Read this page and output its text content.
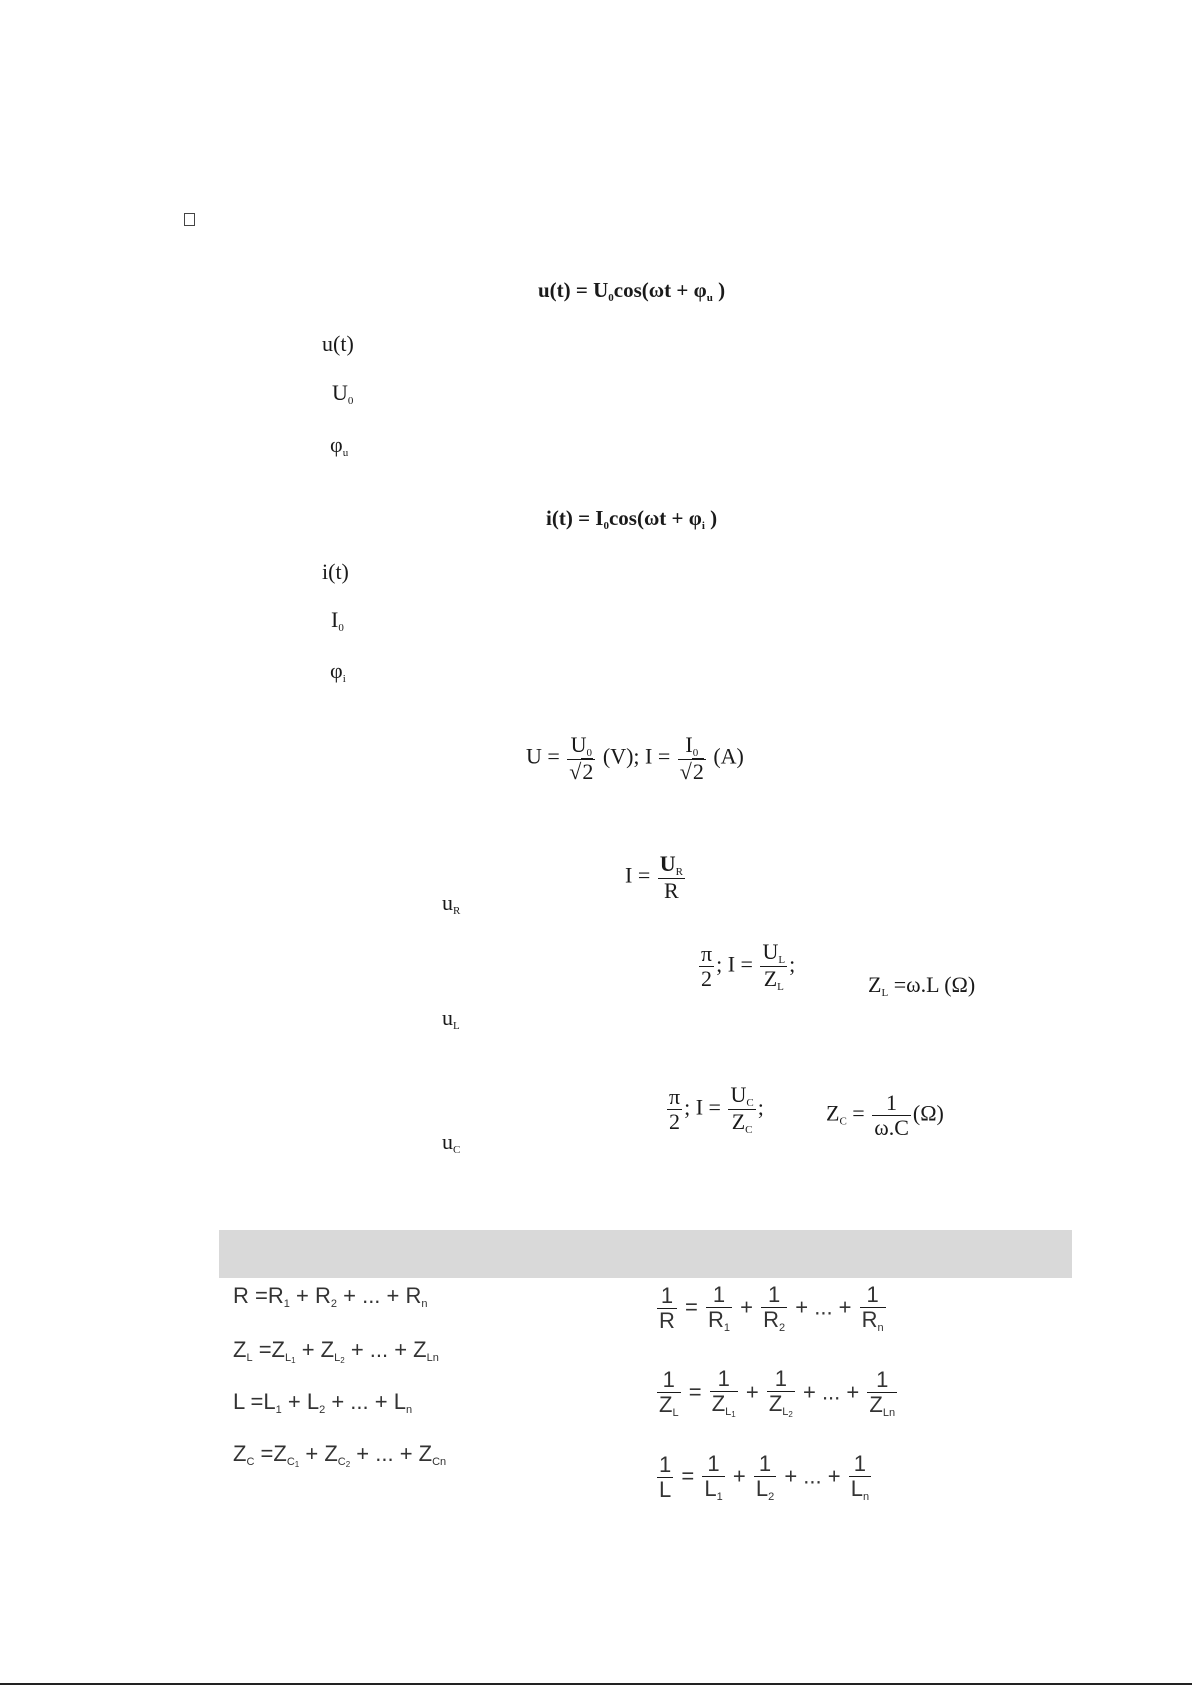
$u(t) = U_0\cos(\omega t + \varphi_u$ )
u(t)
$U_0$
$\varphi_u$
$i(t) = I_0\cos(\omega t + \varphi_i$ )
i(t)
$I_0$
$\varphi_i$
$U = \frac{U_0}{√2} (V)$; $I = \frac{I_0}{√2} (A)$
$I = \frac{U_R}{R}$
$u_R$
$\frac{\pi}{2}$ ; $I = \frac{U_L}{Z_L}$ ;
$Z_L =\omega.L$ (Ω)
$u_L$
$\frac{\pi}{2}$ ; $I = \frac{U_C}{Z_C}$ ;	$Z_C = \frac{1}{\omega.C} (\Omega)$
$u_C$
$R =R_1 + R_2$ + ... + $R_n$
$Z_L =Z_{L_1} + Z_{L_2}$ + ... + $Z_{Ln}$
$L =L_1 + L_2$ + ... + $L_n$
$Z_C =Z_{C_1} + Z_{C_2}$ + ... + $Z_{Cn}$
$\frac{1}{R} = \frac{1}{R_1} + \frac{1}{R_2}$ + ... + $\frac{1}{R_n}$
$\frac{1}{Z_L} = \frac{1}{Z_{L_1}} + \frac{1}{Z_{L_2}}$ + ... + $\frac{1}{Z_{Ln}}$
$\frac{1}{L} = \frac{1}{L_1} + \frac{1}{L_2}$ + ... + $\frac{1}{L_n}$
